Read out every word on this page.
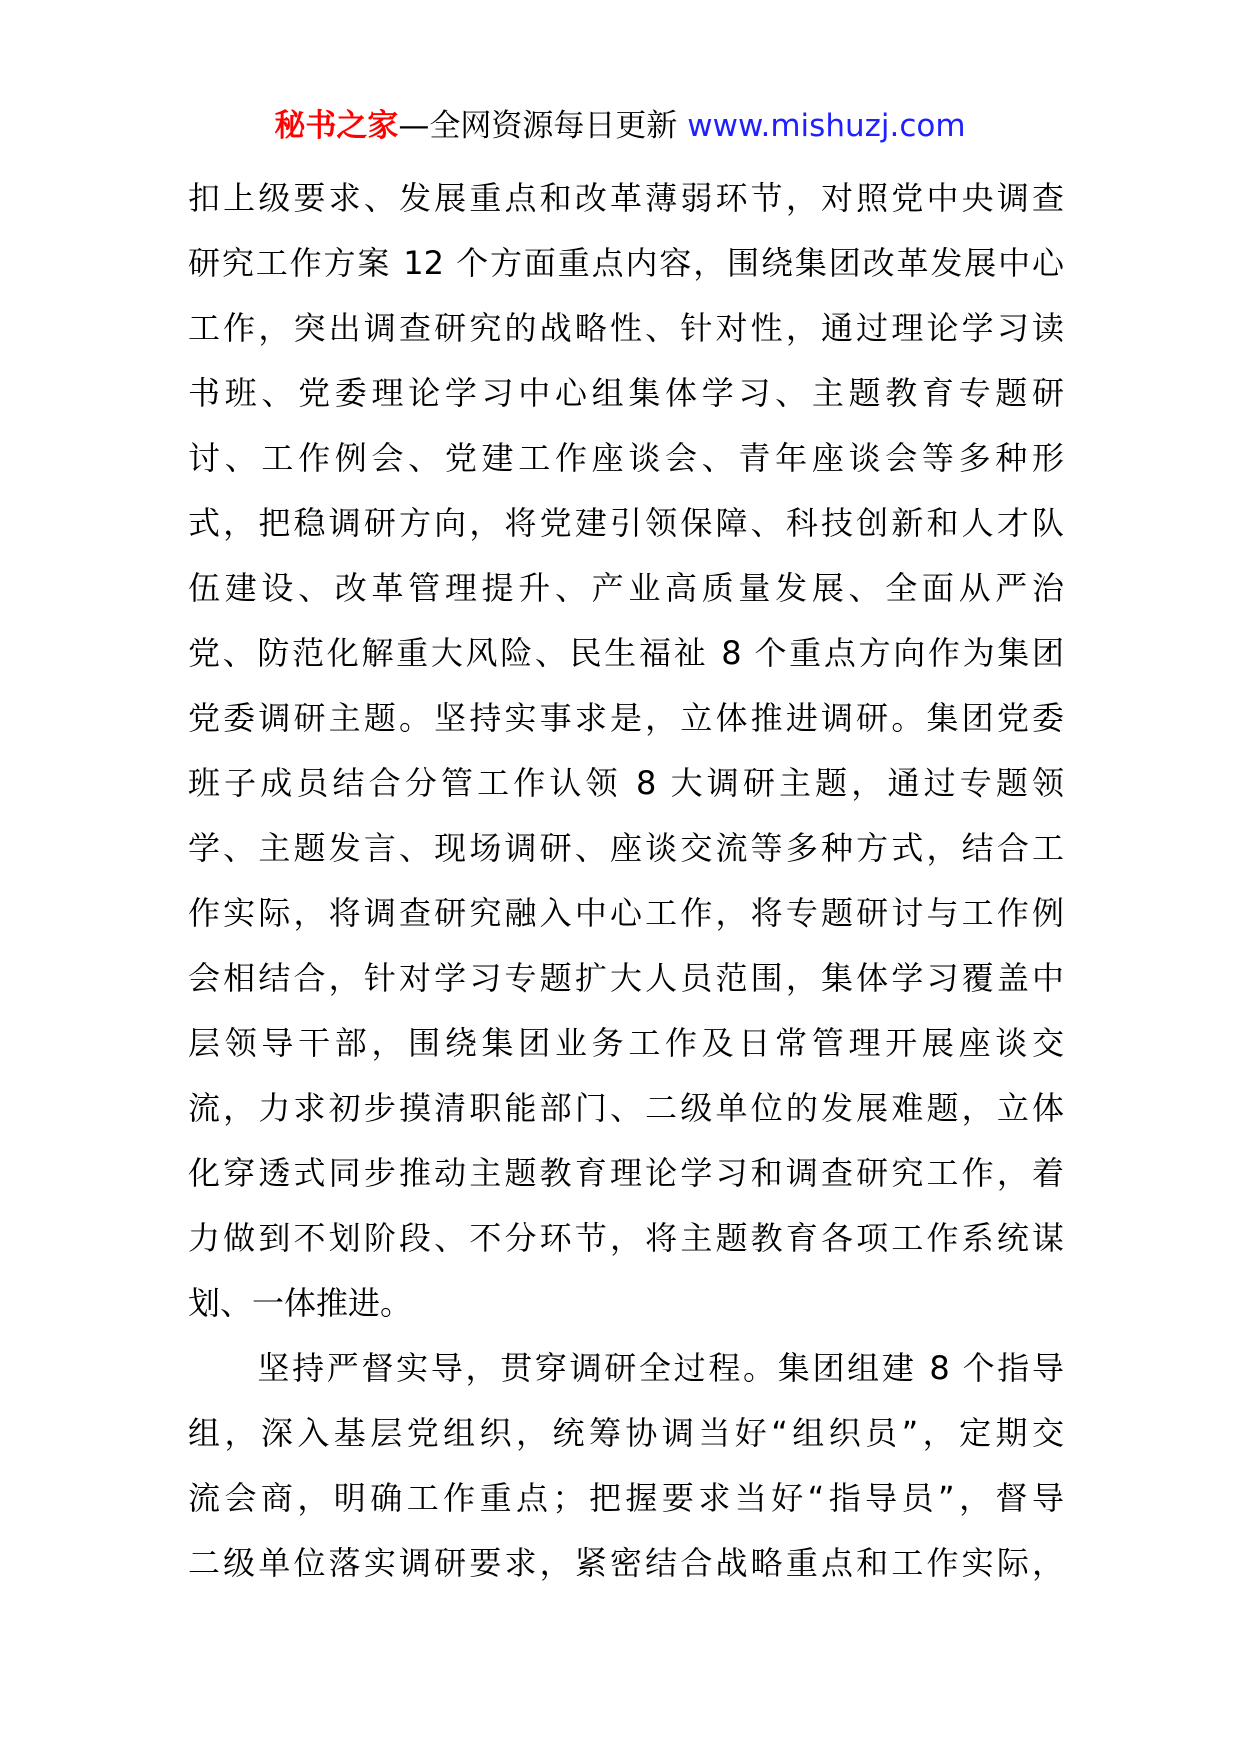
秘书之家—全网资源每日更新 www.mishuzj.com
扣上级要求、发展重点和改革薄弱环节，对照党中央调查
研究工作方案 12 个方面重点内容，围绕集团改革发展中心
工作，突出调查研究的战略性、针对性，通过理论学习读
书班、党委理论学习中心组集体学习、主题教育专题研
讨、工作例会、党建工作座谈会、青年座谈会等多种形
式，把稳调研方向，将党建引领保障、科技创新和人才队
伍建设、改革管理提升、产业高质量发展、全面从严治
党、防范化解重大风险、民生福祉 8 个重点方向作为集团
党委调研主题。坚持实事求是，立体推进调研。集团党委
班子成员结合分管工作认领 8 大调研主题，通过专题领
学、主题发言、现场调研、座谈交流等多种方式，结合工
作实际，将调查研究融入中心工作，将专题研讨与工作例
会相结合，针对学习专题扩大人员范围，集体学习覆盖中
层领导干部，围绕集团业务工作及日常管理开展座谈交
流，力求初步摸清职能部门、二级单位的发展难题，立体
化穿透式同步推动主题教育理论学习和调查研究工作，着
力做到不划阶段、不分环节，将主题教育各项工作系统谋
划、一体推进。
　　坚持严督实导，贯穿调研全过程。集团组建 8 个指导
组，深入基层党组织，统筹协调当好“组织员”，定期交
流会商，明确工作重点；把握要求当好“指导员”，督导
二级单位落实调研要求，紧密结合战略重点和工作实际，
